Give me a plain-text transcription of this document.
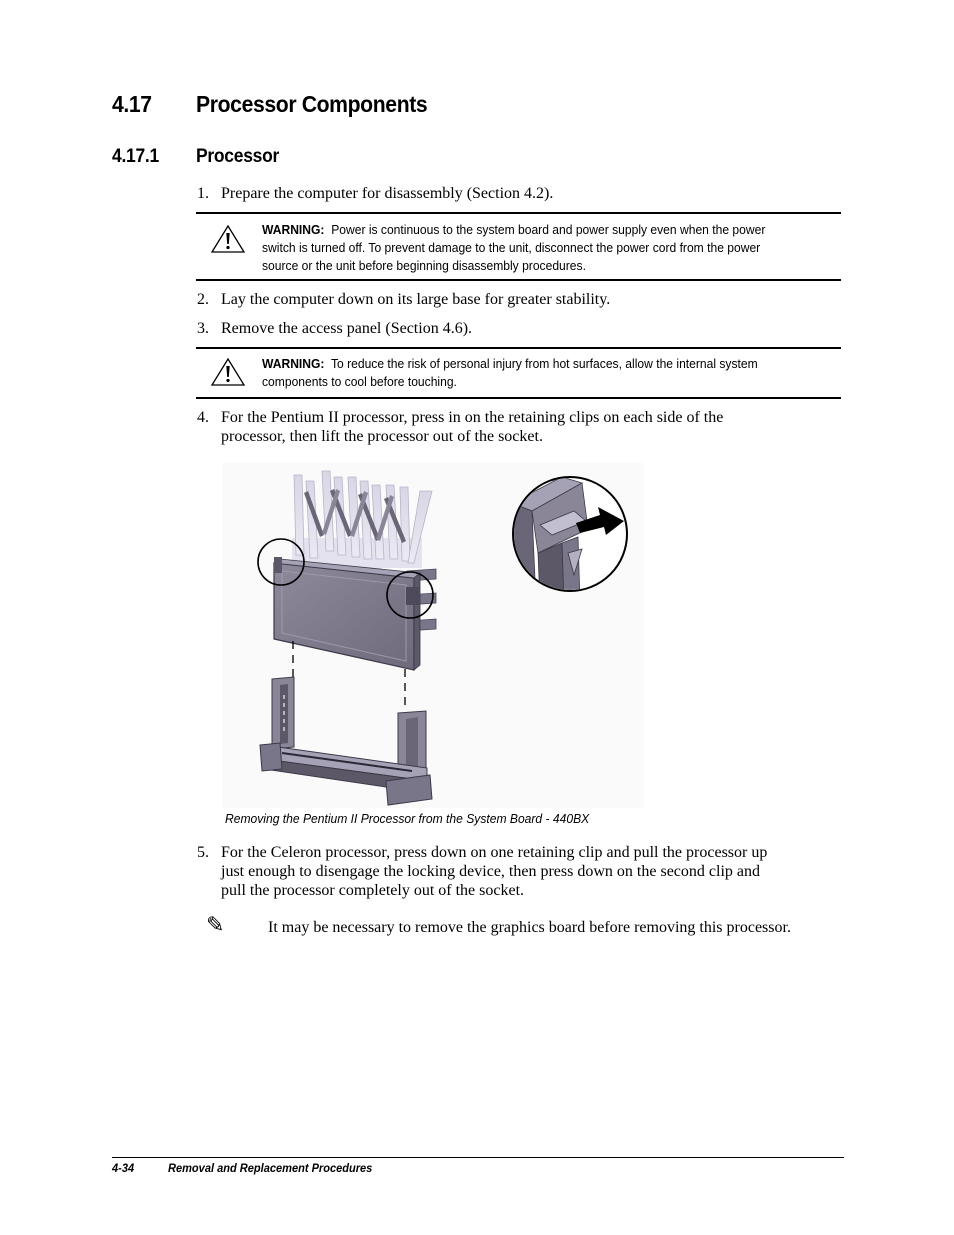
4.17 Processor Components
4.17.1 Processor
1. Prepare the computer for disassembly (Section 4.2).
WARNING: Power is continuous to the system board and power supply even when the power
switch is turned off. To prevent damage to the unit, disconnect the power cord from the power
source or the unit before beginning disassembly procedures.
2. Lay the computer down on its large base for greater stability.
3. Remove the access panel (Section 4.6).
WARNING: To reduce the risk of personal injury from hot surfaces, allow the internal system
components to cool before touching.
4. For the Pentium II processor, press in on the retaining clips on each side of the
processor, then lift the processor out of the socket.
Removing the Pentium II Processor from the System Board - 440BX
5. For the Celeron processor, press down on one retaining clip and pull the processor up
just enough to disengage the locking device, then press down on the second clip and
pull the processor completely out of the socket.
✎	It may be necessary to remove the graphics board before removing this processor.
4-34	Removal and Replacement Procedures
